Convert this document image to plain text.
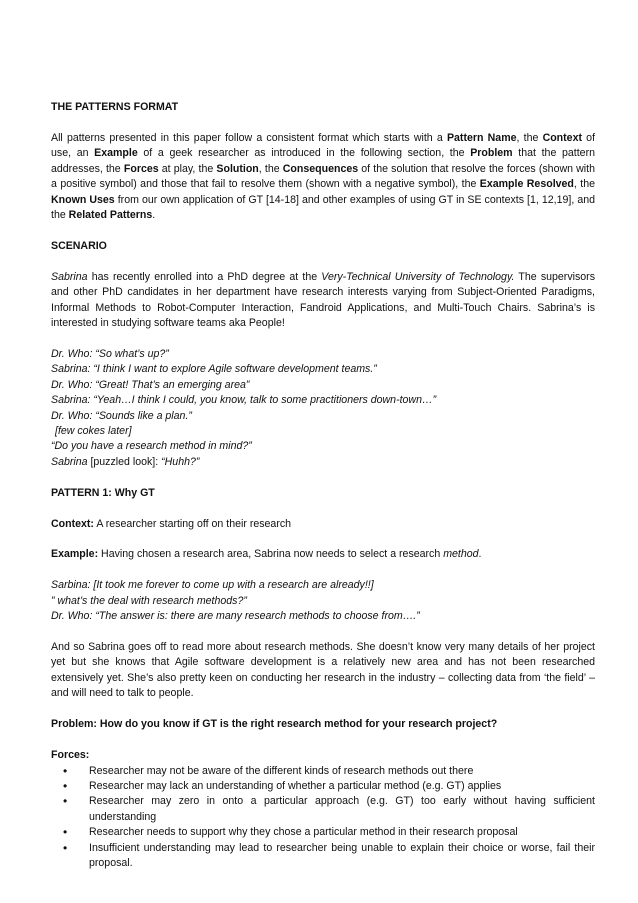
THE PATTERNS FORMAT

All patterns presented in this paper follow a consistent format which starts with a Pattern Name, the Context of use, an Example of a geek researcher as introduced in the following section, the Problem that the pattern addresses, the Forces at play, the Solution, the Consequences of the solution that resolve the forces (shown with a positive symbol) and those that fail to resolve them (shown with a negative symbol), the Example Resolved, the Known Uses from our own application of GT [14-18] and other examples of using GT in SE contexts [1, 12,19], and the Related Patterns.

SCENARIO

Sabrina has recently enrolled into a PhD degree at the Very-Technical University of Technology. The supervisors and other PhD candidates in her department have research interests varying from Subject-Oriented Paradigms, Informal Methods to Robot-Computer Interaction, Fandroid Applications, and Multi-Touch Chairs. Sabrina’s is interested in studying software teams aka People!

Dr. Who: “So what’s up?”
Sabrina: “I think I want to explore Agile software development teams.”
Dr. Who: “Great! That’s an emerging area”
Sabrina: “Yeah…I think I could, you know, talk to some practitioners down-town…”
Dr. Who: “Sounds like a plan.”
[few cokes later]
“Do you have a research method in mind?”
Sabrina [puzzled look]: “Huhh?”

PATTERN 1: Why GT

Context: A researcher starting off on their research

Example: Having chosen a research area, Sabrina now needs to select a research method.

Sarbina: [It took me forever to come up with a research are already!!]
” what’s the deal with research methods?”
Dr. Who: “The answer is: there are many research methods to choose from….”

And so Sabrina goes off to read more about research methods. She doesn’t know very many details of her project yet but she knows that Agile software development is a relatively new area and has not been researched extensively yet. She’s also pretty keen on conducting her research in the industry – collecting data from ‘the field’ – and will need to talk to people.

Problem: How do you know if GT is the right research method for your research project?

Forces:

• Researcher may not be aware of the different kinds of research methods out there
• Researcher may lack an understanding of whether a particular method (e.g. GT) applies
• Researcher may zero in onto a particular approach (e.g. GT) too early without having sufficient understanding
• Researcher needs to support why they chose a particular method in their research proposal
• Insufficient understanding may lead to researcher being unable to explain their choice or worse, fail their proposal.
